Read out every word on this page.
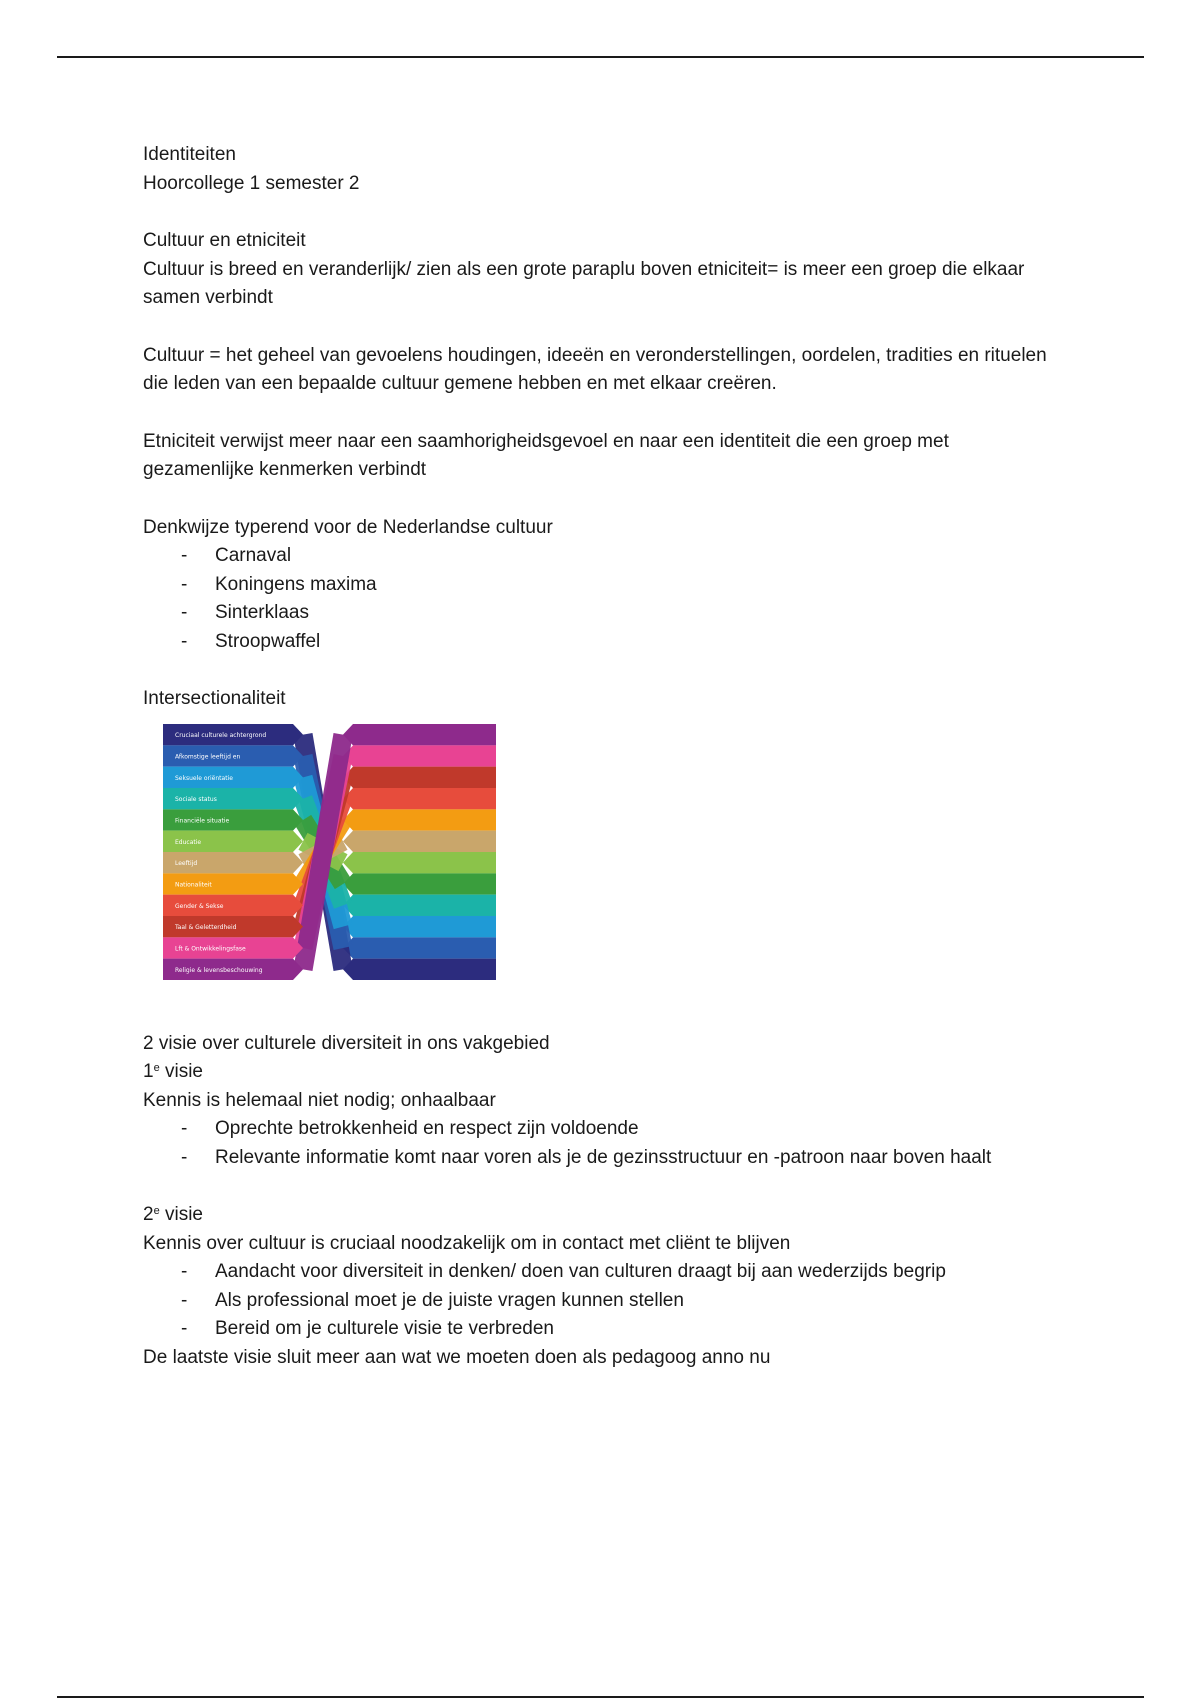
Identiteiten

Hoorcollege 1 semester 2

Cultuur en etniciteit

Cultuur is breed en veranderlijk/ zien als een grote paraplu boven etniciteit= is meer een groep die elkaar samen verbindt

Cultuur = het geheel van gevoelens houdingen, ideeën en veronderstellingen, oordelen, tradities en rituelen die leden van een bepaalde cultuur gemene hebben en met elkaar creëren.

Etniciteit verwijst meer naar een saamhorigheidsgevoel en naar een identiteit die een groep met gezamenlijke kenmerken verbindt

Denkwijze typerend voor de Nederlandse cultuur

- Carnaval
- Koningens maxima
- Sinterklaas
- Stroopwaffel

Intersectionaliteit

Cruciaal culturele achtergrond
Afkomstige leeftijd en
Seksuele oriëntatie
Sociale status
Financiële situatie
Educatie
Leeftijd
Nationaliteit
Gender & Sekse
Taal & Geletterdheid
Lft & Ontwikkelingsfase
Religie & levensbeschouwing

2 visie over culturele diversiteit in ons vakgebied

1e visie

Kennis is helemaal niet nodig; onhaalbaar

- Oprechte betrokkenheid en respect zijn voldoende
- Relevante informatie komt naar voren als je de gezinsstructuur en -patroon naar boven haalt

2e visie

Kennis over cultuur is cruciaal noodzakelijk om in contact met cliënt te blijven

- Aandacht voor diversiteit in denken/ doen van culturen draagt bij aan wederzijds begrip
- Als professional moet je de juiste vragen kunnen stellen
- Bereid om je culturele visie te verbreden

De laatste visie sluit meer aan wat we moeten doen als pedagoog anno nu
